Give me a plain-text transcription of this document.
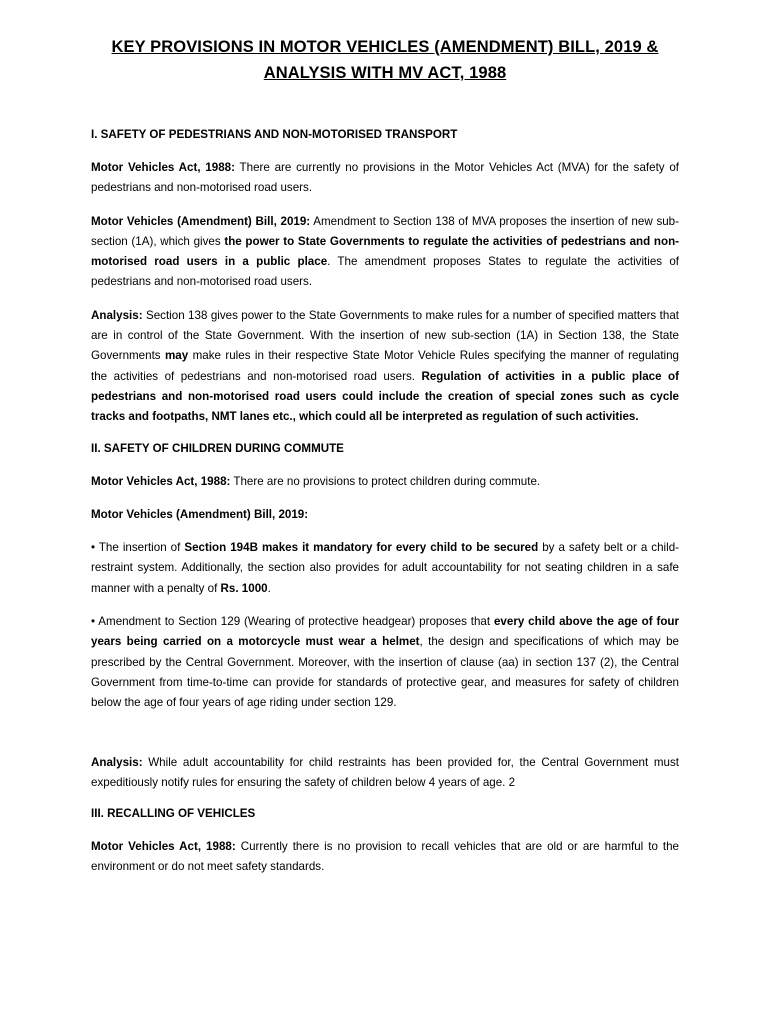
KEY PROVISIONS IN MOTOR VEHICLES (AMENDMENT) BILL, 2019 &
ANALYSIS WITH MV ACT, 1988
I. SAFETY OF PEDESTRIANS AND NON-MOTORISED TRANSPORT

Motor Vehicles Act, 1988: There are currently no provisions in the Motor Vehicles Act (MVA) for the safety of pedestrians and non-motorised road users.

Motor Vehicles (Amendment) Bill, 2019: Amendment to Section 138 of MVA proposes the insertion of new sub-section (1A), which gives the power to State Governments to regulate the activities of pedestrians and non-motorised road users in a public place. The amendment proposes States to regulate the activities of pedestrians and non-motorised road users.

Analysis: Section 138 gives power to the State Governments to make rules for a number of specified matters that are in control of the State Government. With the insertion of new sub-section (1A) in Section 138, the State Governments may make rules in their respective State Motor Vehicle Rules specifying the manner of regulating the activities of pedestrians and non-motorised road users. Regulation of activities in a public place of pedestrians and non-motorised road users could include the creation of special zones such as cycle tracks and footpaths, NMT lanes etc., which could all be interpreted as regulation of such activities.

II. SAFETY OF CHILDREN DURING COMMUTE

Motor Vehicles Act, 1988: There are no provisions to protect children during commute.

Motor Vehicles (Amendment) Bill, 2019:

• The insertion of Section 194B makes it mandatory for every child to be secured by a safety belt or a child-restraint system. Additionally, the section also provides for adult accountability for not seating children in a safe manner with a penalty of Rs. 1000.

• Amendment to Section 129 (Wearing of protective headgear) proposes that every child above the age of four years being carried on a motorcycle must wear a helmet, the design and specifications of which may be prescribed by the Central Government. Moreover, with the insertion of clause (aa) in section 137 (2), the Central Government from time-to-time can provide for standards of protective gear, and measures for safety of children below the age of four years of age riding under section 129.

Analysis: While adult accountability for child restraints has been provided for, the Central Government must expeditiously notify rules for ensuring the safety of children below 4 years of age. 2

III. RECALLING OF VEHICLES

Motor Vehicles Act, 1988: Currently there is no provision to recall vehicles that are old or are harmful to the environment or do not meet safety standards.
